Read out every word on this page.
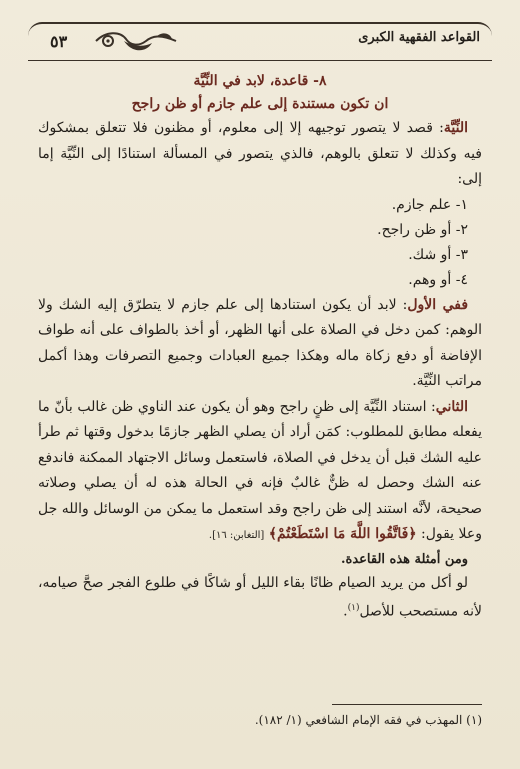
القواعد الفقهية الكبرى
٥٣

٨- قاعدة، لابد في النِّيَّة

ان تكون مستندة إلى علم جازم أو ظن راجح

النِّيَّة: قصد لا يتصور توجيهه إلا إلى معلوم، أو مظنون فلا تتعلق بمشكوك فيه وكذلك لا تتعلق بالوهم، فالذي يتصور في المسألة استنادًا إلى النِّيَّة إما إلى:

١- علم جازم.

٢- أو ظن راجح.

٣- أو شك.

٤- أو وهم.

ففي الأول: لابد أن يكون استنادها إلى علم جازم لا يتطرّق إليه الشك ولا الوهم: كمن دخل في الصلاة على أنها الظهر، أو أخذ بالطواف على أنه طواف الإفاضة أو دفع زكاة ماله وهكذا جميع العبادات وجميع التصرفات وهذا أكمل مراتب النِّيَّة.

الثاني: استناد النِّيَّة إلى ظنٍ راجح وهو أن يكون عند الناوي ظن غالب بأنّ ما يفعله مطابق للمطلوب: كمَن أراد أن يصلي الظهر جازمًا بدخول وقتها ثم طرأ عليه الشك قبل أن يدخل في الصلاة، فاستعمل وسائل الاجتهاد الممكنة فاندفع عنه الشك وحصل له ظنٌّ غالبٌ فإنه في الحالة هذه له أن يصلي وصلاته صحيحة، لأنَّه استند إلى ظن راجح وقد استعمل ما يمكن من الوسائل والله جل وعلا يقول: ﴿فَاتَّقُوا اللَّهَ مَا اسْتَطَعْتُمْ﴾ [التغابن: ١٦].

ومن أمثلة هذه القاعدة.

لو أكل من يريد الصيام ظانًا بقاء الليل أو شاكًا في طلوع الفجر صحَّ صيامه، لأنه مستصحب للأصل$^{(١)}$.

(١) المهذب في فقه الإمام الشافعي (١/ ١٨٢).
